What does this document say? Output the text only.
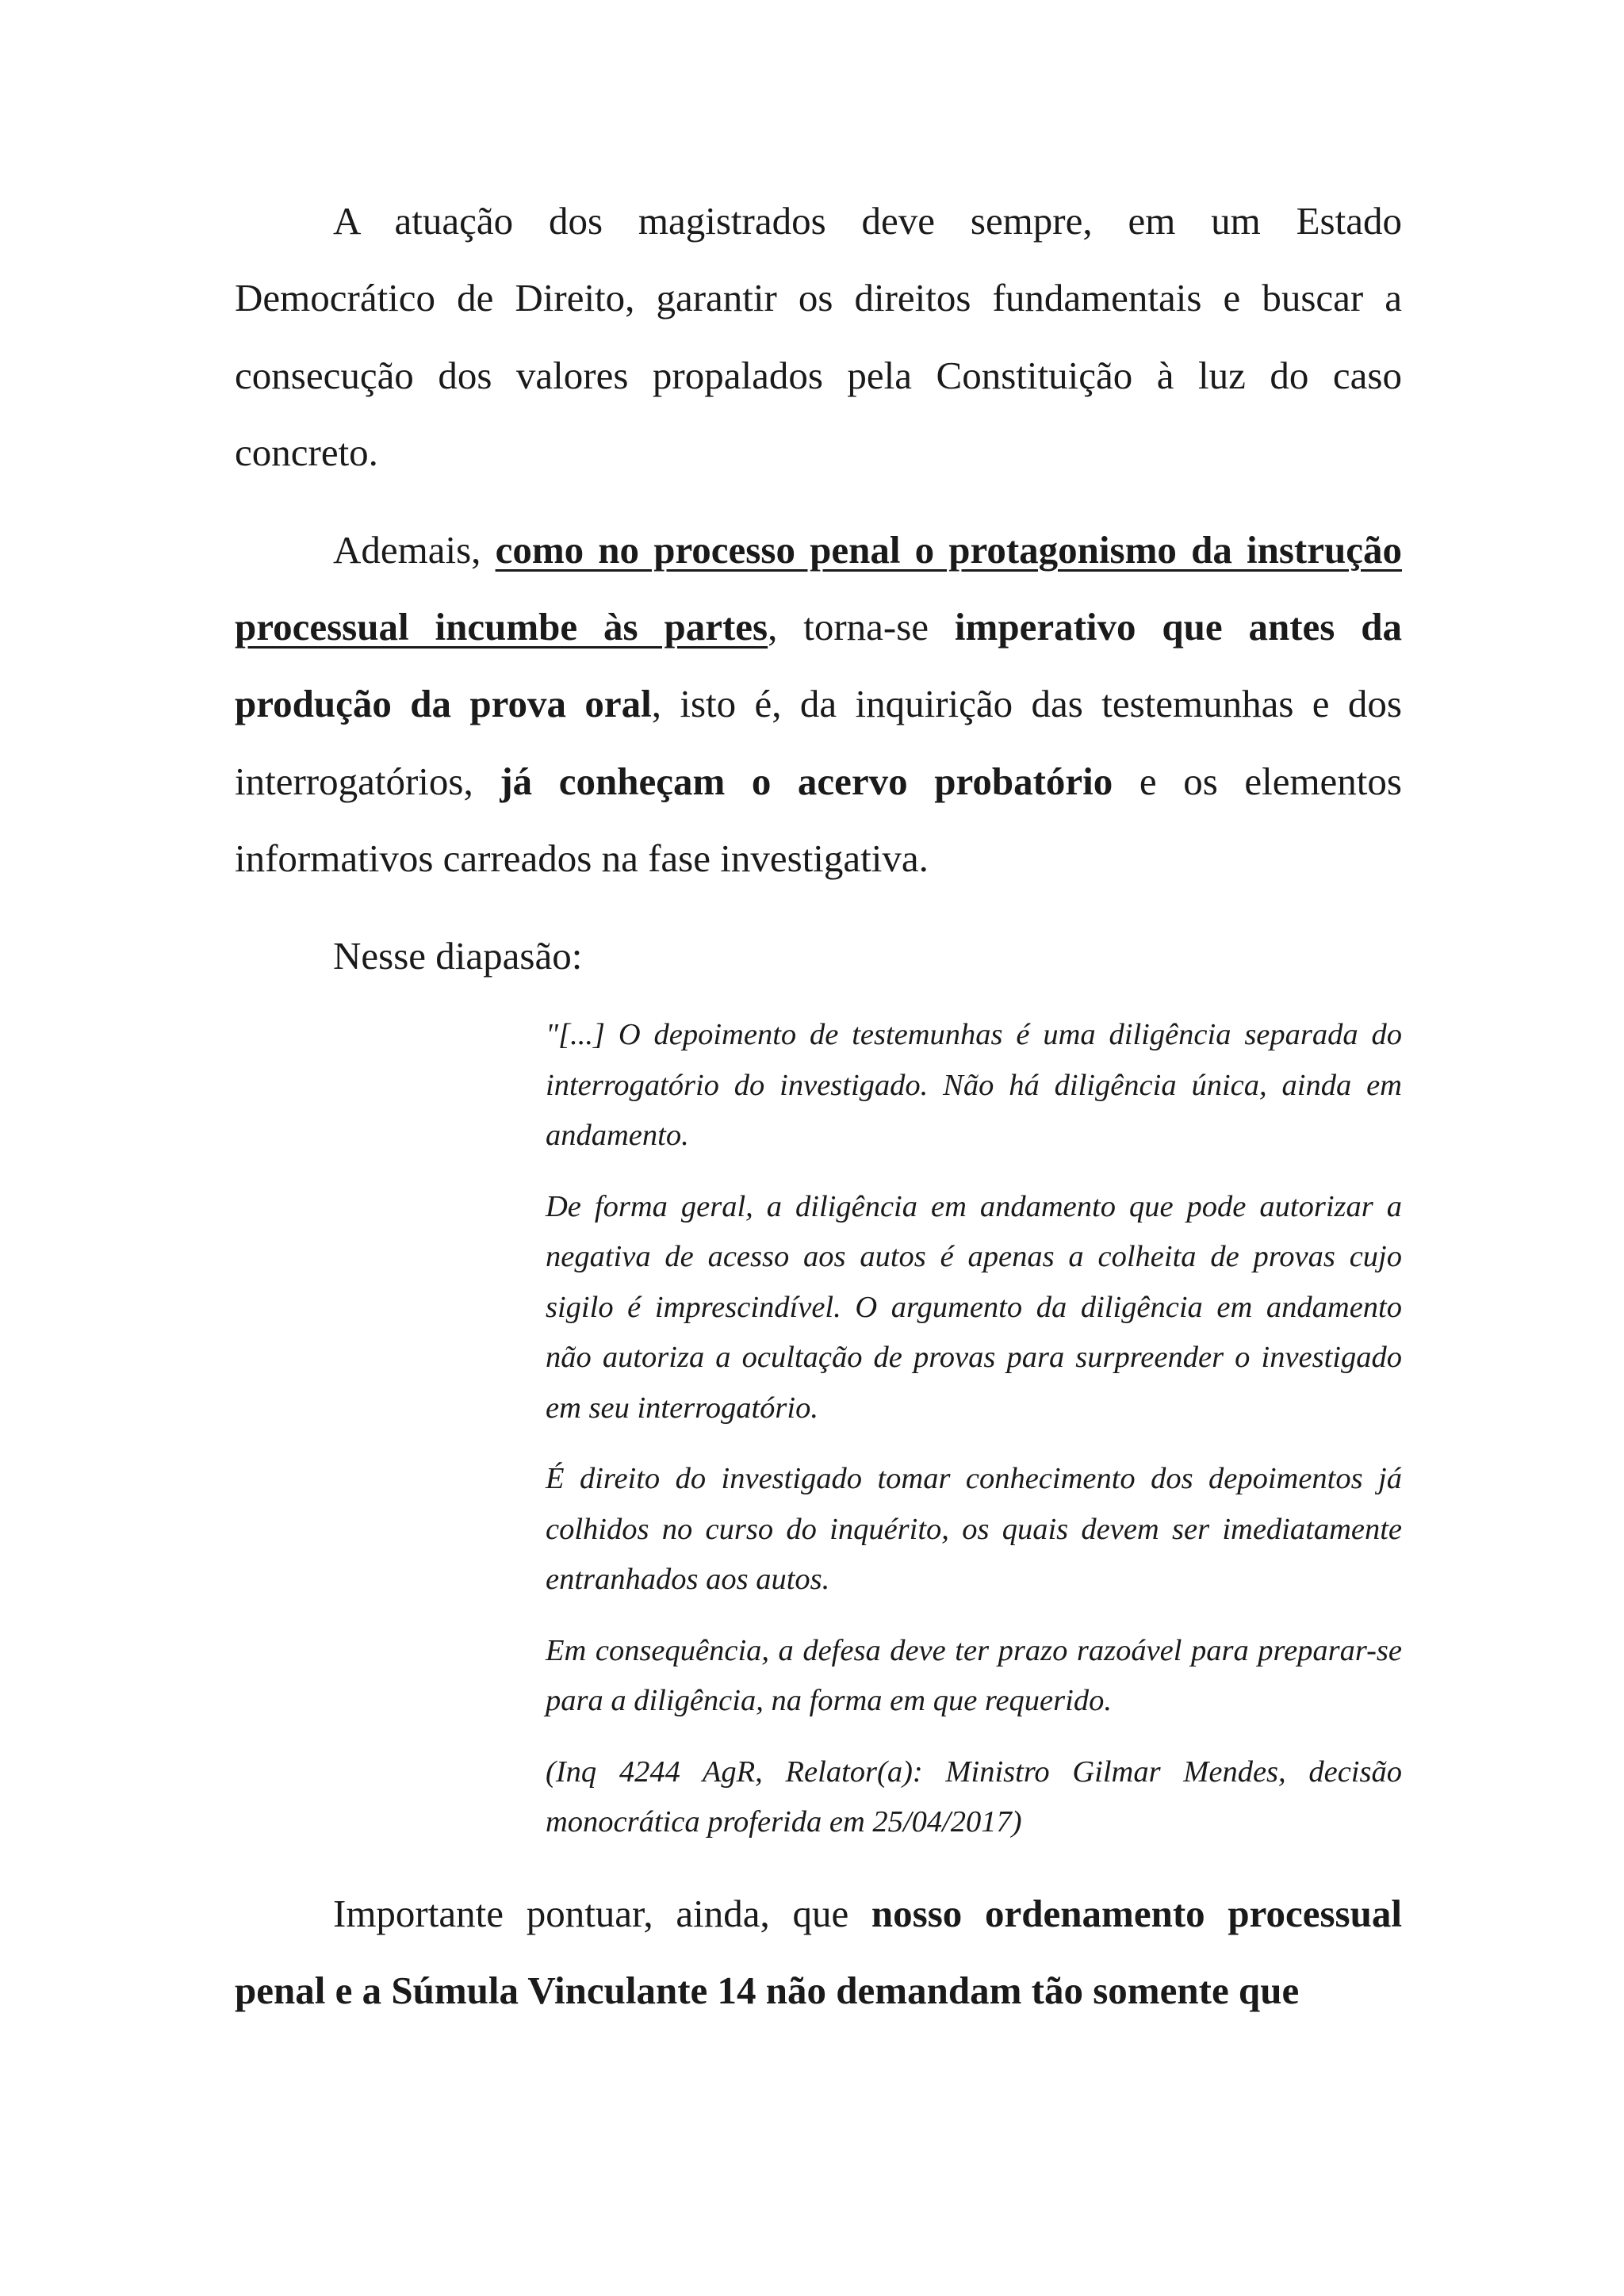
A atuação dos magistrados deve sempre, em um Estado Democrático de Direito, garantir os direitos fundamentais e buscar a consecução dos valores propalados pela Constituição à luz do caso concreto.

Ademais, como no processo penal o protagonismo da instrução processual incumbe às partes, torna-se imperativo que antes da produção da prova oral, isto é, da inquirição das testemunhas e dos interrogatórios, já conheçam o acervo probatório e os elementos informativos carreados na fase investigativa.

Nesse diapasão:

"[...] O depoimento de testemunhas é uma diligência separada do interrogatório do investigado. Não há diligência única, ainda em andamento.

De forma geral, a diligência em andamento que pode autorizar a negativa de acesso aos autos é apenas a colheita de provas cujo sigilo é imprescindível. O argumento da diligência em andamento não autoriza a ocultação de provas para surpreender o investigado em seu interrogatório.

É direito do investigado tomar conhecimento dos depoimentos já colhidos no curso do inquérito, os quais devem ser imediatamente entranhados aos autos.

Em consequência, a defesa deve ter prazo razoável para preparar-se para a diligência, na forma em que requerido.

(Inq 4244 AgR, Relator(a): Ministro Gilmar Mendes, decisão monocrática proferida em 25/04/2017)

Importante pontuar, ainda, que nosso ordenamento processual penal e a Súmula Vinculante 14 não demandam tão somente que
